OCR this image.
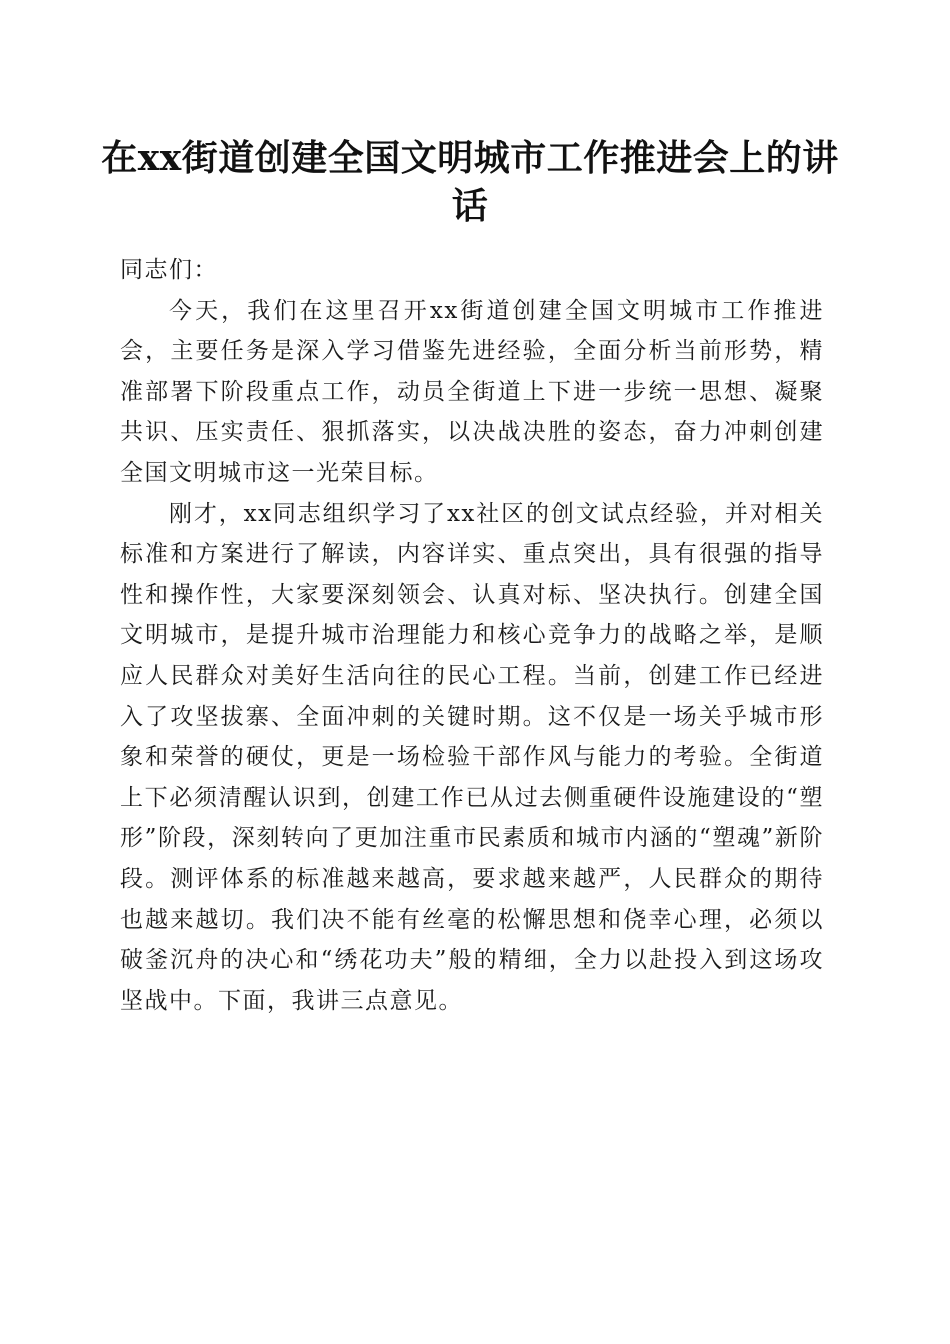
在xx街道创建全国文明城市工作推进会上的讲话

同志们：

今天，我们在这里召开xx街道创建全国文明城市工作推进会，主要任务是深入学习借鉴先进经验，全面分析当前形势，精准部署下阶段重点工作，动员全街道上下进一步统一思想、凝聚共识、压实责任、狠抓落实，以决战决胜的姿态，奋力冲刺创建全国文明城市这一光荣目标。

刚才，xx同志组织学习了xx社区的创文试点经验，并对相关标准和方案进行了解读，内容详实、重点突出，具有很强的指导性和操作性，大家要深刻领会、认真对标、坚决执行。创建全国文明城市，是提升城市治理能力和核心竞争力的战略之举，是顺应人民群众对美好生活向往的民心工程。当前，创建工作已经进入了攻坚拔寨、全面冲刺的关键时期。这不仅是一场关乎城市形象和荣誉的硬仗，更是一场检验干部作风与能力的考验。全街道上下必须清醒认识到，创建工作已从过去侧重硬件设施建设的“塑形”阶段，深刻转向了更加注重市民素质和城市内涵的“塑魂”新阶段。测评体系的标准越来越高，要求越来越严，人民群众的期待也越来越切。我们决不能有丝毫的松懈思想和侥幸心理，必须以破釜沉舟的决心和“绣花功夫”般的精细，全力以赴投入到这场攻坚战中。下面，我讲三点意见。
